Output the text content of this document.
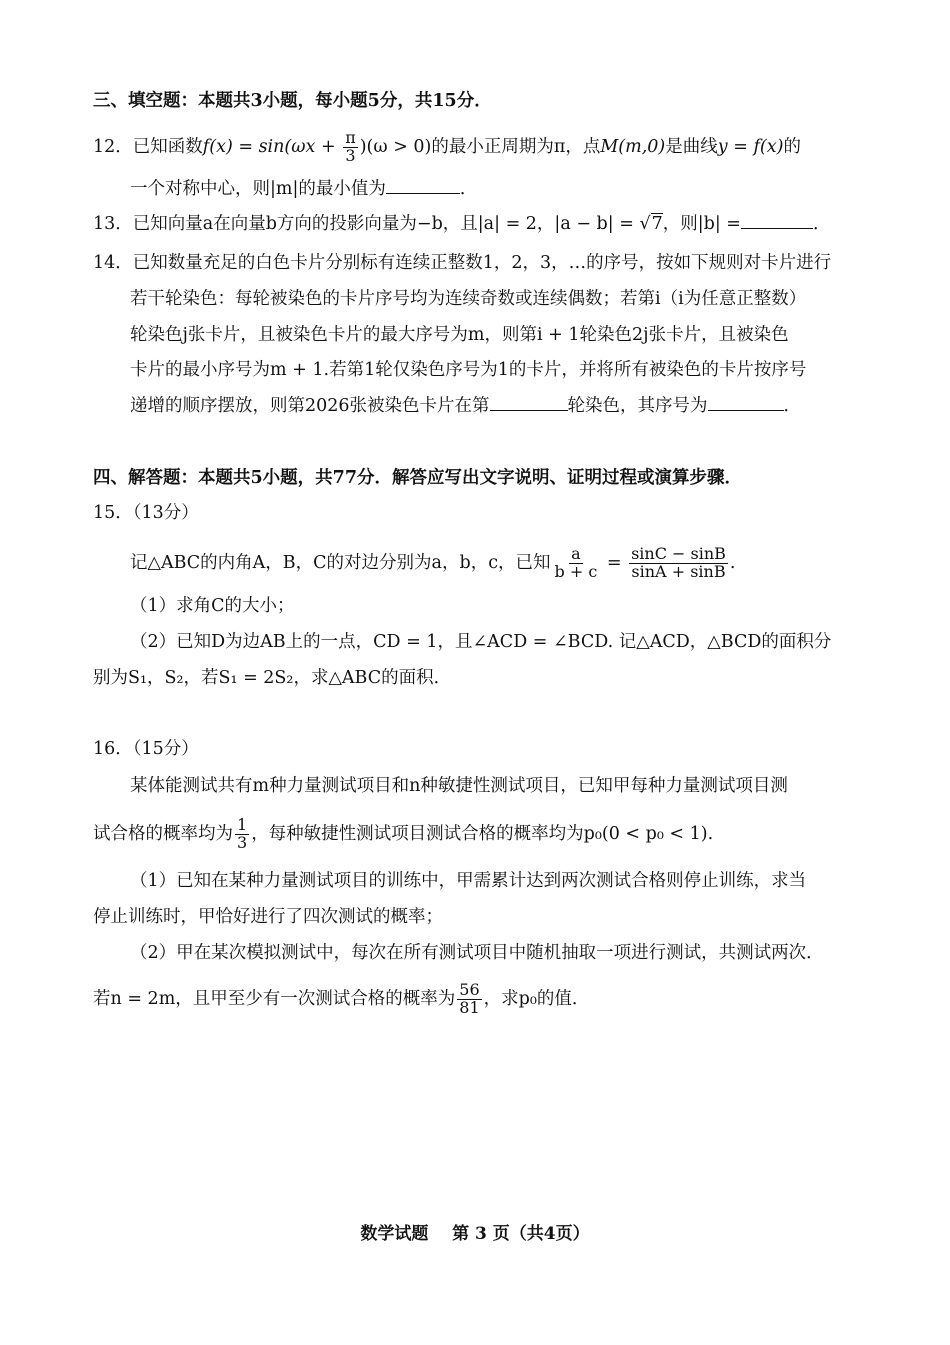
三、填空题：本题共3小题，每小题5分，共15分．
12．已知函数$f(x) = \sin(\omega x + \frac{\pi}{3} )(\omega > 0)$的最小正周期为π，点M(m,0)是曲线y = f(x)的
一个对称中心，则|m|的最小值为	．
13．已知向量a在向量b方向的投影向量为−b，且|a| = 2，|a − b| = √7，则|b| =	．
14．已知数量充足的白色卡片分别标有连续正整数1，2，3，…的序号，按如下规则对卡片进行
若干轮染色：每轮被染色的卡片序号均为连续奇数或连续偶数；若第i（i为任意正整数）
轮染色j张卡片，且被染色卡片的最大序号为m，则第i + 1轮染色2j张卡片，且被染色
卡片的最小序号为m + 1.若第1轮仅染色序号为1的卡片，并将所有被染色的卡片按序号
递增的顺序摆放，则第2026张被染色卡片在第	轮染色，其序号为	．
四、解答题：本题共5小题，共77分．解答应写出文字说明、证明过程或演算步骤．
15．（13分）
记△ABC的内角A，B，C的对边分别为a，b，c，已知 $\frac{a}{b + c} = \frac{\sin C - \sin B}{\sin A + \sin B}$ .
（1）求角C的大小；
（2）已知D为边AB上的一点，CD = 1，且∠ACD = ∠BCD. 记△ACD，△BCD的面积分
别为S₁，S₂，若S₁ = 2S₂，求△ABC的面积．
16．（15分）
某体能测试共有m种力量测试项目和n种敏捷性测试项目，已知甲每种力量测试项目测
试合格的概率均为 $\frac{1}{3}$ ，每种敏捷性测试项目测试合格的概率均为p₀(0 < p₀ < 1).
（1）已知在某种力量测试项目的训练中，甲需累计达到两次测试合格则停止训练，求当
停止训练时，甲恰好进行了四次测试的概率；
（2）甲在某次模拟测试中，每次在所有测试项目中随机抽取一项进行测试，共测试两次．
若n = 2m，且甲至少有一次测试合格的概率为 $\frac{56}{81}$ ，求p₀的值．
数学试题    第 3 页（共4页）
